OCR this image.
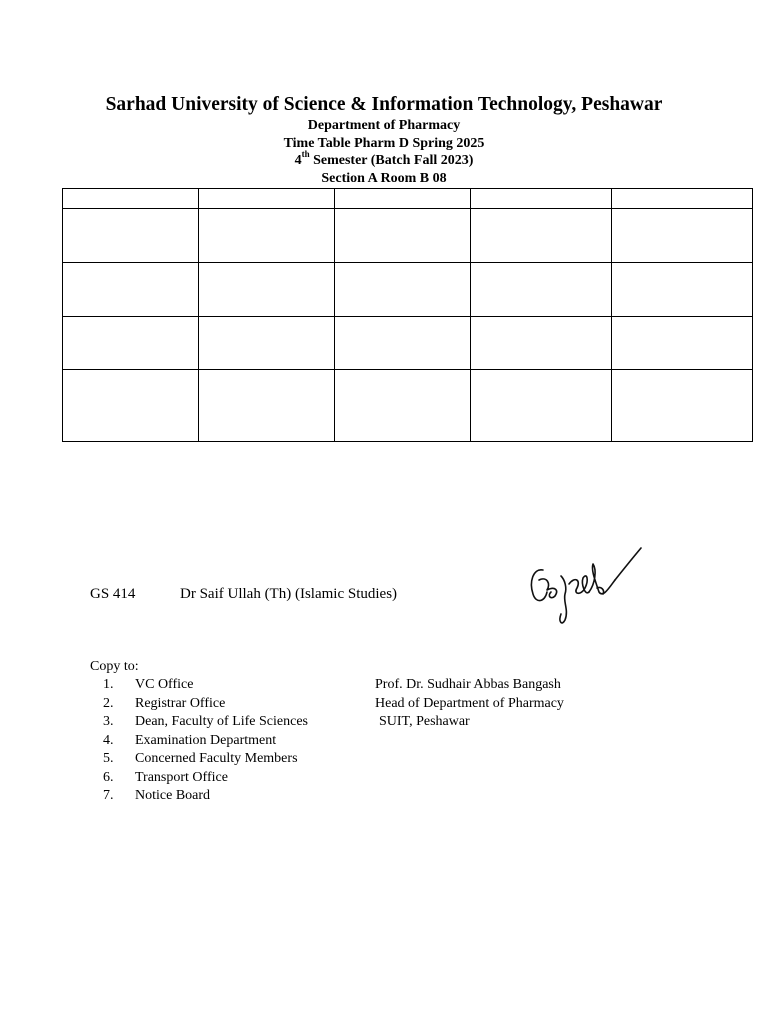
Sarhad University of Science & Information Technology, Peshawar
Department of Pharmacy
Time Table Pharm D Spring 2025
4th Semester (Batch Fall 2023)
Section A Room B 08

GS 414	Dr Saif Ullah (Th) (Islamic Studies)
Copy to:
1. VC Office
2. Registrar Office
3. Dean, Faculty of Life Sciences
4. Examination Department
5. Concerned Faculty Members
6. Transport Office
7. Notice Board
Prof. Dr. Sudhair Abbas Bangash
Head of Department of Pharmacy
SUIT, Peshawar
